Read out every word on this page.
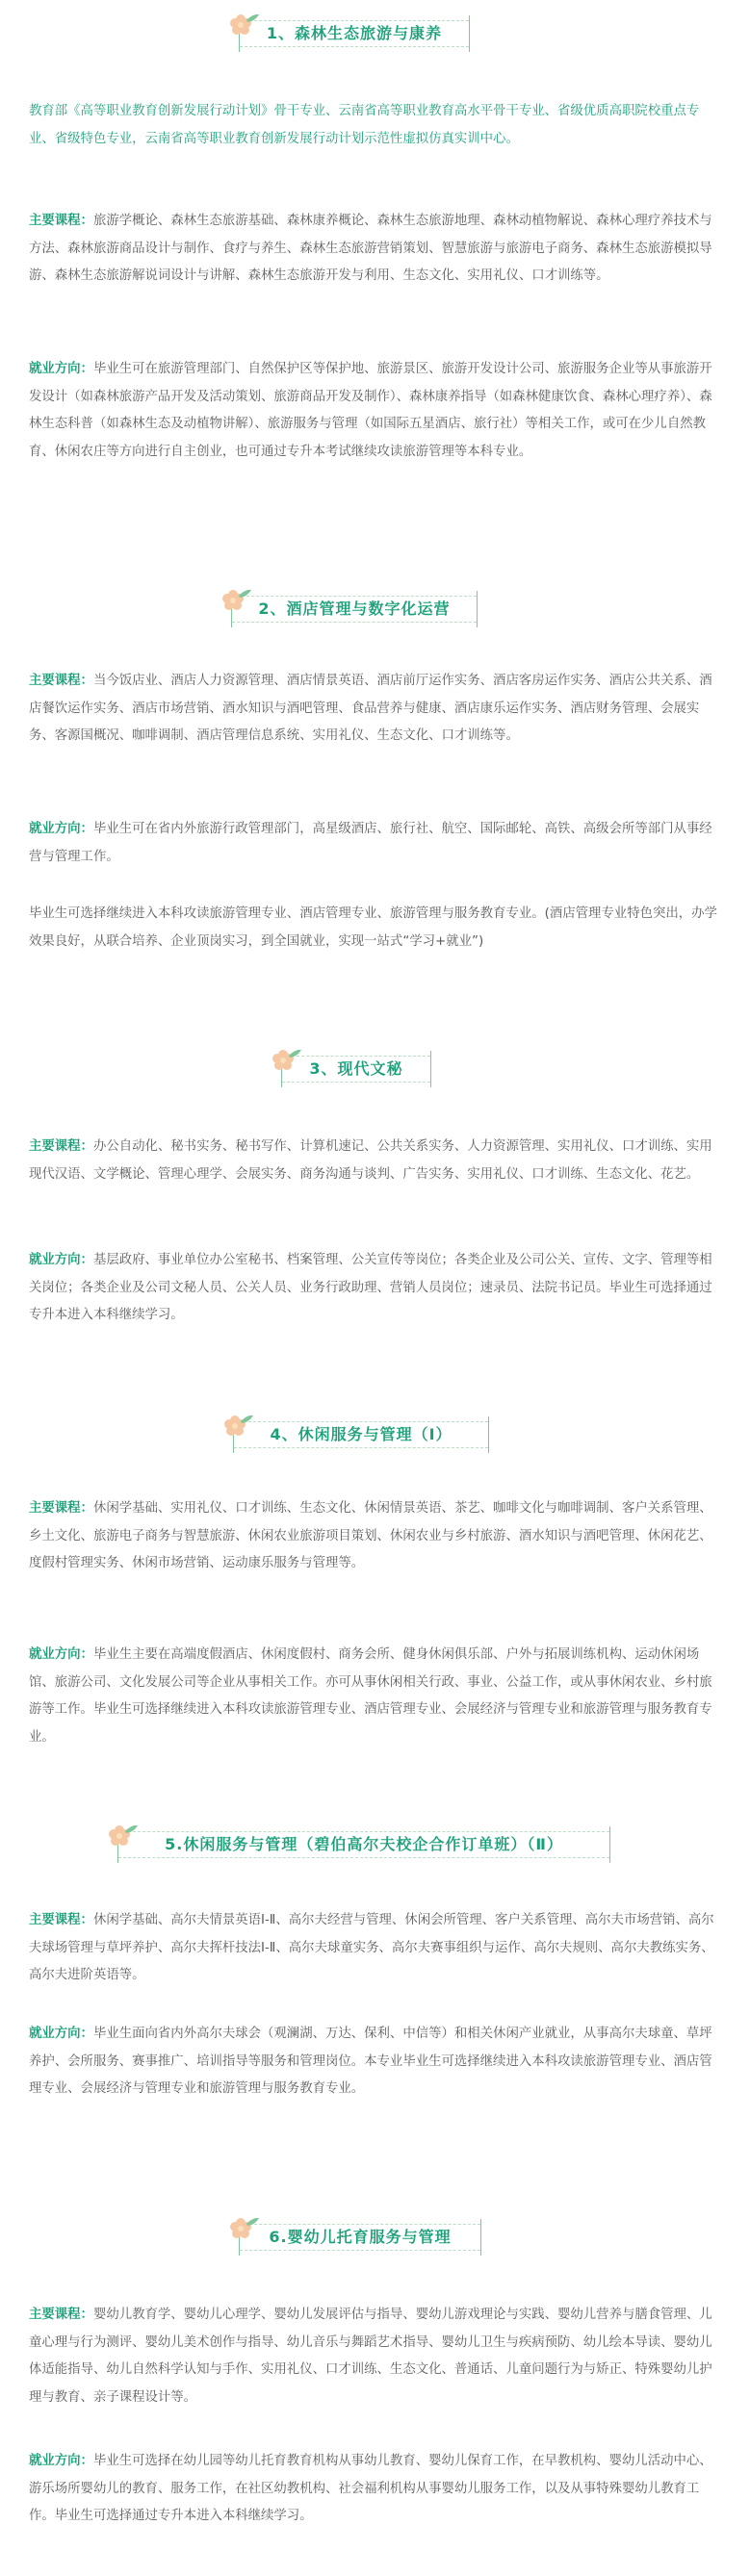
1、森林生态旅游与康养

教育部《高等职业教育创新发展行动计划》骨干专业、云南省高等职业教育高水平骨干专业、省级优质高职院校重点专业、省级特色专业，云南省高等职业教育创新发展行动计划示范性虚拟仿真实训中心。

主要课程：旅游学概论、森林生态旅游基础、森林康养概论、森林生态旅游地理、森林动植物解说、森林心理疗养技术与方法、森林旅游商品设计与制作、食疗与养生、森林生态旅游营销策划、智慧旅游与旅游电子商务、森林生态旅游模拟导游、森林生态旅游解说词设计与讲解、森林生态旅游开发与利用、生态文化、实用礼仪、口才训练等。

就业方向：毕业生可在旅游管理部门、自然保护区等保护地、旅游景区、旅游开发设计公司、旅游服务企业等从事旅游开发设计（如森林旅游产品开发及活动策划、旅游商品开发及制作）、森林康养指导（如森林健康饮食、森林心理疗养）、森林生态科普（如森林生态及动植物讲解）、旅游服务与管理（如国际五星酒店、旅行社）等相关工作，或可在少儿自然教育、休闲农庄等方向进行自主创业，也可通过专升本考试继续攻读旅游管理等本科专业。

2、酒店管理与数字化运营

主要课程：当今饭店业、酒店人力资源管理、酒店情景英语、酒店前厅运作实务、酒店客房运作实务、酒店公共关系、酒店餐饮运作实务、酒店市场营销、酒水知识与酒吧管理、食品营养与健康、酒店康乐运作实务、酒店财务管理、会展实务、客源国概况、咖啡调制、酒店管理信息系统、实用礼仪、生态文化、口才训练等。

就业方向：毕业生可在省内外旅游行政管理部门，高星级酒店、旅行社、航空、国际邮轮、高铁、高级会所等部门从事经营与管理工作。

毕业生可选择继续进入本科攻读旅游管理专业、酒店管理专业、旅游管理与服务教育专业。(酒店管理专业特色突出，办学效果良好，从联合培养、企业顶岗实习，到全国就业，实现一站式“学习+就业”)

3、现代文秘

主要课程：办公自动化、秘书实务、秘书写作、计算机速记、公共关系实务、人力资源管理、实用礼仪、口才训练、实用现代汉语、文学概论、管理心理学、会展实务、商务沟通与谈判、广告实务、实用礼仪、口才训练、生态文化、花艺。

就业方向：基层政府、事业单位办公室秘书、档案管理、公关宣传等岗位；各类企业及公司公关、宣传、文字、管理等相关岗位；各类企业及公司文秘人员、公关人员、业务行政助理、营销人员岗位；速录员、法院书记员。毕业生可选择通过专升本进入本科继续学习。

4、休闲服务与管理（Ⅰ）

主要课程：休闲学基础、实用礼仪、口才训练、生态文化、休闲情景英语、茶艺、咖啡文化与咖啡调制、客户关系管理、乡土文化、旅游电子商务与智慧旅游、休闲农业旅游项目策划、休闲农业与乡村旅游、酒水知识与酒吧管理、休闲花艺、度假村管理实务、休闲市场营销、运动康乐服务与管理等。

就业方向：毕业生主要在高端度假酒店、休闲度假村、商务会所、健身休闲俱乐部、户外与拓展训练机构、运动休闲场馆、旅游公司、文化发展公司等企业从事相关工作。亦可从事休闲相关行政、事业、公益工作，或从事休闲农业、乡村旅游等工作。毕业生可选择继续进入本科攻读旅游管理专业、酒店管理专业、会展经济与管理专业和旅游管理与服务教育专业。

5.休闲服务与管理（碧伯高尔夫校企合作订单班）（Ⅱ）

主要课程：休闲学基础、高尔夫情景英语Ⅰ-Ⅱ、高尔夫经营与管理、休闲会所管理、客户关系管理、高尔夫市场营销、高尔夫球场管理与草坪养护、高尔夫挥杆技法Ⅰ-Ⅱ、高尔夫球童实务、高尔夫赛事组织与运作、高尔夫规则、高尔夫教练实务、高尔夫进阶英语等。

就业方向：毕业生面向省内外高尔夫球会（观澜湖、万达、保利、中信等）和相关休闲产业就业，从事高尔夫球童、草坪养护、会所服务、赛事推广、培训指导等服务和管理岗位。本专业毕业生可选择继续进入本科攻读旅游管理专业、酒店管理专业、会展经济与管理专业和旅游管理与服务教育专业。

6.婴幼儿托育服务与管理

主要课程：婴幼儿教育学、婴幼儿心理学、婴幼儿发展评估与指导、婴幼儿游戏理论与实践、婴幼儿营养与膳食管理、儿童心理与行为测评、婴幼儿美术创作与指导、幼儿音乐与舞蹈艺术指导、婴幼儿卫生与疾病预防、幼儿绘本导读、婴幼儿体适能指导、幼儿自然科学认知与手作、实用礼仪、口才训练、生态文化、普通话、儿童问题行为与矫正、特殊婴幼儿护理与教育、亲子课程设计等。

就业方向：毕业生可选择在幼儿园等幼儿托育教育机构从事幼儿教育、婴幼儿保育工作，在早教机构、婴幼儿活动中心、游乐场所婴幼儿的教育、服务工作，在社区幼教机构、社会福利机构从事婴幼儿服务工作，以及从事特殊婴幼儿教育工作。毕业生可选择通过专升本进入本科继续学习。
